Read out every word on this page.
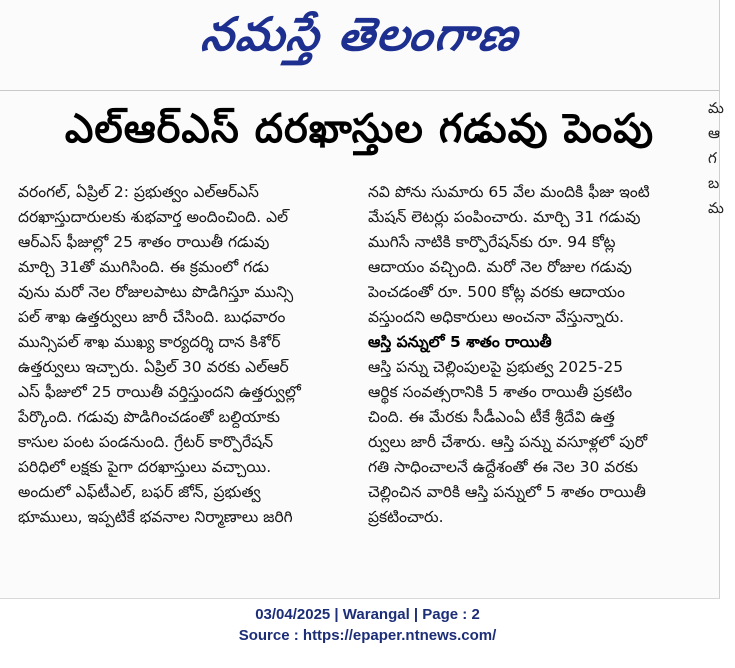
నమస్తే తెలంగాణ
ఎల్‌ఆర్‌ఎస్ దరఖాస్తుల గడువు పెంపు
వరంగల్, ఏప్రిల్ 2: ప్రభుత్వం ఎల్‌ఆర్‌ఎస్
దరఖాస్తుదారులకు శుభవార్త అందించింది. ఎల్
ఆర్‌ఎస్ ఫీజుల్లో 25 శాతం రాయితీ గడువు
మార్చి 31తో ముగిసింది. ఈ క్రమంలో గడు
వును మరో నెల రోజులపాటు పొడిగిస్తూ మున్సి
పల్ శాఖ ఉత్తర్వులు జారీ చేసింది. బుధవారం
మున్సిపల్ శాఖ ముఖ్య కార్యదర్శి దాన కిశోర్
ఉత్తర్వులు ఇచ్చారు. ఏప్రిల్ 30 వరకు ఎల్‌ఆర్
ఎస్ ఫీజులో 25 రాయితీ వర్తిస్తుందని ఉత్తర్వుల్లో
పేర్కొంది. గడువు పొడిగించడంతో బల్దియాకు
కాసుల పంట పండనుంది. గ్రేటర్ కార్పొరేషన్
పరిధిలో లక్షకు పైగా దరఖాస్తులు వచ్చాయి.
అందులో ఎఫ్‌టీఎల్, బఫర్ జోన్, ప్రభుత్వ
భూములు, ఇప్పటికే భవనాల నిర్మాణాలు జరిగి
నవి పోను సుమారు 65 వేల మందికి ఫీజు ఇంటి
మేషన్ లెటర్లు పంపించారు. మార్చి 31 గడువు
ముగిసే నాటికి కార్పొరేషన్‌కు రూ. 94 కోట్ల
ఆదాయం వచ్చింది. మరో నెల రోజుల గడువు
పెంచడంతో రూ. 500 కోట్ల వరకు ఆదాయం
వస్తుందని అధికారులు అంచనా వేస్తున్నారు.
ఆస్తి పన్నులో 5 శాతం రాయితీ
ఆస్తి పన్ను చెల్లింపులపై ప్రభుత్వ 2025-25
ఆర్థిక సంవత్సరానికి 5 శాతం రాయితీ ప్రకటిం
చింది. ఈ మేరకు సీడీఎంఏ టీకే శ్రీదేవి ఉత్త
ర్వులు జారీ చేశారు. ఆస్తి పన్ను వసూళ్లలో పురో
గతి సాధించాలనే ఉద్దేశంతో ఈ నెల 30 వరకు
చెల్లించిన వారికి ఆస్తి పన్నులో 5 శాతం రాయితీ
ప్రకటించారు.
మ
ఆ
గ
బ
మ
03/04/2025 | Warangal | Page : 2
Source : https://epaper.ntnews.com/
